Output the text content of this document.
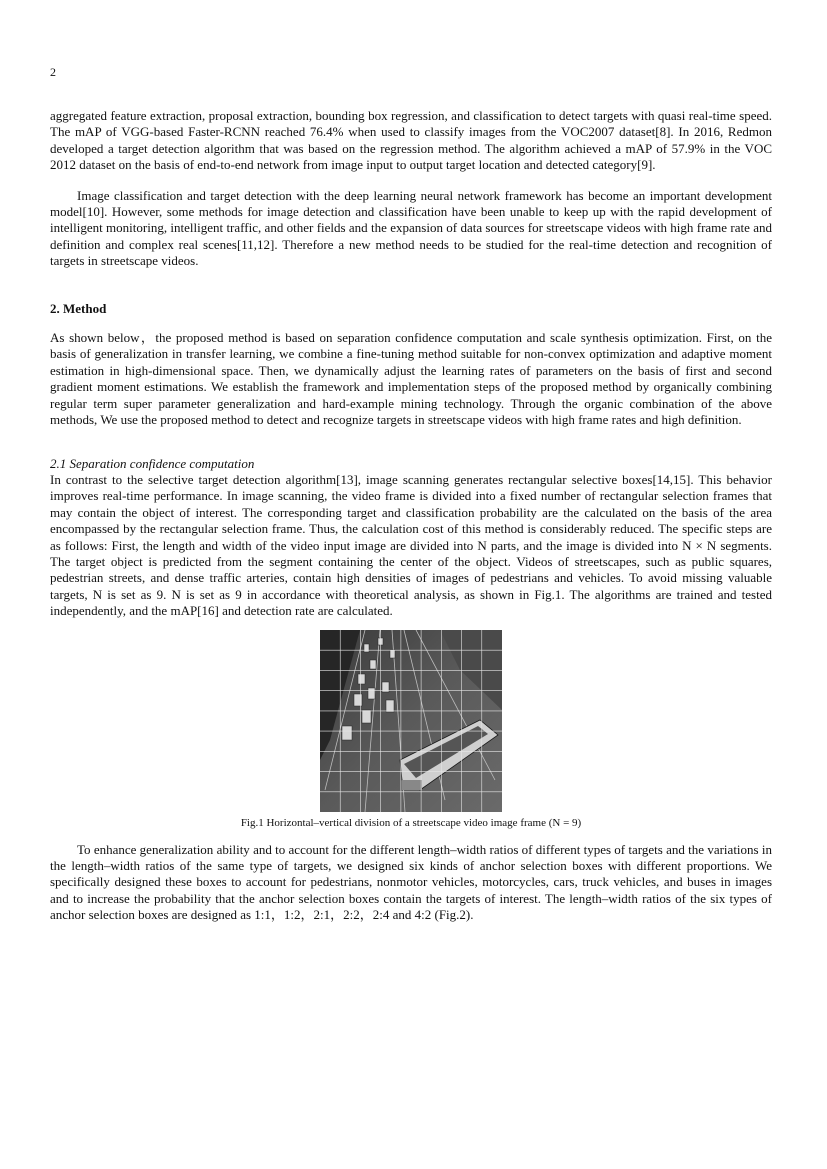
2

aggregated feature extraction, proposal extraction, bounding box regression, and classification to detect targets with quasi real-time speed. The mAP of VGG-based Faster-RCNN reached 76.4% when used to classify images from the VOC2007 dataset[8]. In 2016, Redmon developed a target detection algorithm that was based on the regression method. The algorithm achieved a mAP of 57.9% in the VOC 2012 dataset on the basis of end-to-end network from image input to output target location and detected category[9].

Image classification and target detection with the deep learning neural network framework has become an important development model[10]. However, some methods for image detection and classification have been unable to keep up with the rapid development of intelligent monitoring, intelligent traffic, and other fields and the expansion of data sources for streetscape videos with high frame rate and definition and complex real scenes[11,12]. Therefore a new method needs to be studied for the real-time detection and recognition of targets in streetscape videos.

2. Method

As shown below，the proposed method is based on separation confidence computation and scale synthesis optimization. First, on the basis of generalization in transfer learning, we combine a fine-tuning method suitable for non-convex optimization and adaptive moment estimation in high-dimensional space. Then, we dynamically adjust the learning rates of parameters on the basis of first and second gradient moment estimations. We establish the framework and implementation steps of the proposed method by organically combining regular term super parameter generalization and hard-example mining technology. Through the organic combination of the above methods, We use the proposed method to detect and recognize targets in streetscape videos with high frame rates and high definition.

2.1 Separation confidence computation

In contrast to the selective target detection algorithm[13], image scanning generates rectangular selective boxes[14,15]. This behavior improves real-time performance. In image scanning, the video frame is divided into a fixed number of rectangular selection frames that may contain the object of interest. The corresponding target and classification probability are the calculated on the basis of the area encompassed by the rectangular selection frame. Thus, the calculation cost of this method is considerably reduced. The specific steps are as follows: First, the length and width of the video input image are divided into N parts, and the image is divided into N × N segments. The target object is predicted from the segment containing the center of the object. Videos of streetscapes, such as public squares, pedestrian streets, and dense traffic arteries, contain high densities of images of pedestrians and vehicles. To avoid missing valuable targets, N is set as 9. N is set as 9 in accordance with theoretical analysis, as shown in Fig.1. The algorithms are trained and tested independently, and the mAP[16] and detection rate are calculated.

Fig.1 Horizontal–vertical division of a streetscape video image frame (N = 9)

To enhance generalization ability and to account for the different length–width ratios of different types of targets and the variations in the length–width ratios of the same type of targets, we designed six kinds of anchor selection boxes with different proportions. We specifically designed these boxes to account for pedestrians, nonmotor vehicles, motorcycles, cars, truck vehicles, and buses in images and to increase the probability that the anchor selection boxes contain the targets of interest. The length–width ratios of the six types of anchor selection boxes are designed as 1:1，1:2，2:1，2:2，2:4 and 4:2 (Fig.2).
